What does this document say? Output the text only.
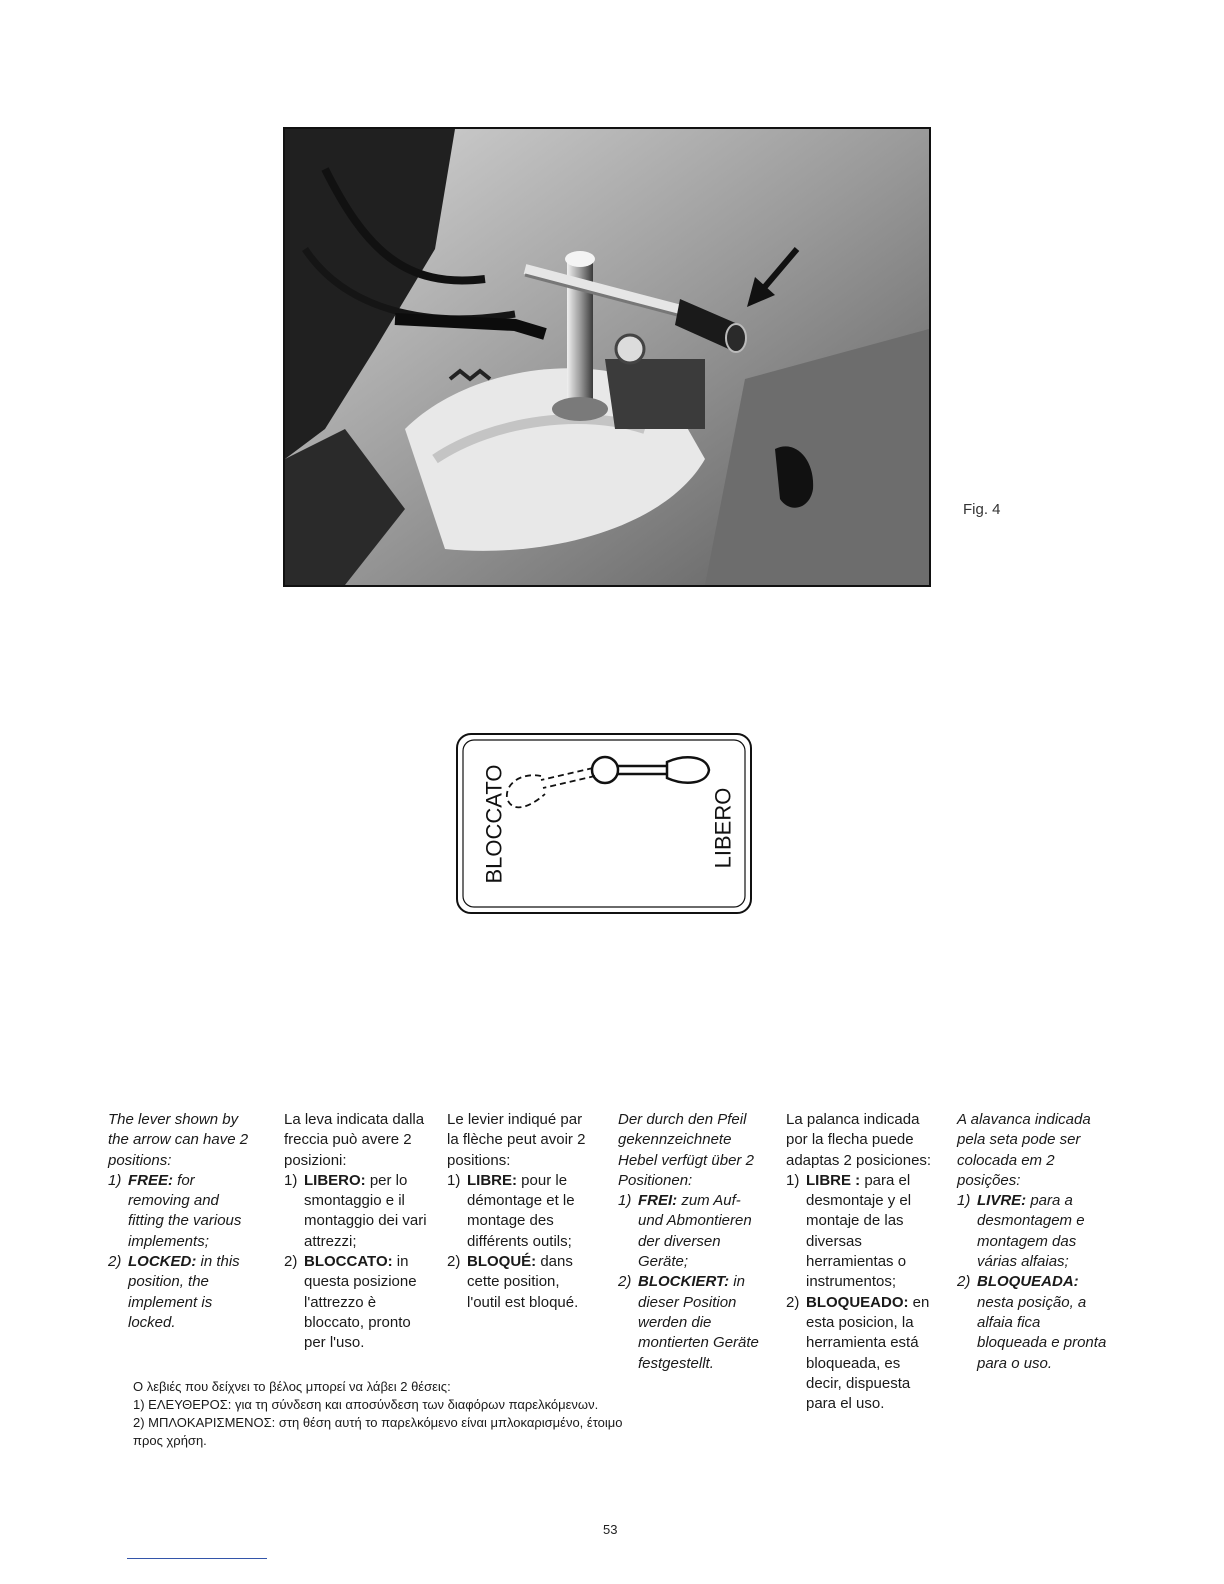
Fig. 4
BLOCCATO	LIBERO

The lever shown by the arrow can have 2 positions:

1) FREE: for removing and fitting the various implements;
2) LOCKED: in this position, the implement is locked.

La leva indicata dalla freccia può avere 2 posizioni:

1) LIBERO: per lo smontaggio e il montaggio dei vari attrezzi;
2) BLOCCATO: in questa posizione l'attrezzo è bloccato, pronto per l'uso.

Le levier indiqué par la flèche peut avoir 2 positions:

1) LIBRE: pour le démontage et le montage des différents outils;
2) BLOQUÉ: dans cette position, l'outil est bloqué.

Der durch den Pfeil gekennzeichnete Hebel verfügt über 2 Positionen:

1) FREI: zum Auf- und Abmontieren der diversen Geräte;
2) BLOCKIERT: in dieser Position werden die montierten Geräte festgestellt.

La palanca indicada por la flecha puede adaptas 2 posiciones:

1) LIBRE : para el desmontaje y el montaje de las diversas herramientas o instrumentos;
2) BLOQUEADO: en esta posicion, la herramienta está bloqueada, es decir, dispuesta para el uso.

A alavanca indicada pela seta pode ser colocada em 2 posições:

1) LIVRE: para a desmontagem e montagem das várias alfaias;
2) BLOQUEADA: nesta posição, a alfaia fica bloqueada e pronta para o uso.

Ο λεβιές που δείχνει το βέλος μπορεί να λάβει 2 θέσεις:

1) ΕΛΕΥΘΕΡΟΣ: για τη σύνδεση και αποσύνδεση των διαφόρων παρελκόμενων.

2) ΜΠΛΟΚΑΡΙΣΜΕΝΟΣ: στη θέση αυτή το παρελκόμενο είναι μπλοκαρισμένο, έτοιμο

προς χρήση.

53
